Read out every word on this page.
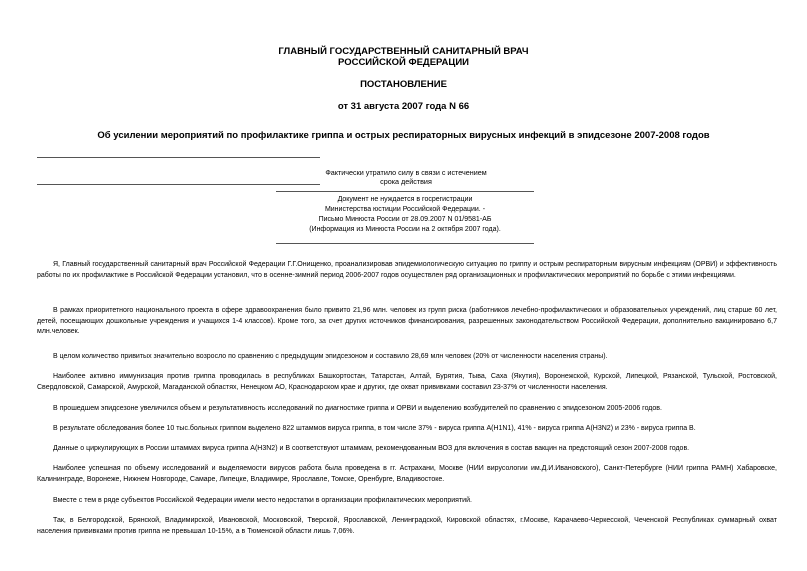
ГЛАВНЫЙ ГОСУДАРСТВЕННЫЙ САНИТАРНЫЙ ВРАЧ
РОССИЙСКОЙ ФЕДЕРАЦИИ
ПОСТАНОВЛЕНИЕ
от 31 августа 2007 года N 66
Об усилении мероприятий по профилактике гриппа и острых респираторных вирусных инфекций в эпидсезоне 2007-2008 годов
Фактически утратило силу в связи с истечением срока действия
Документ не нуждается в госрегистрации
Министерства юстиции Российской Федерации. -
Письмо Минюста России от 28.09.2007 N 01/9581-АБ
(Информация из Минюста России на 2 октября 2007 года).

Я, Главный государственный санитарный врач Российской Федерации Г.Г.Онищенко, проанализировав эпидемиологическую ситуацию по гриппу и острым респираторным вирусным инфекциям (ОРВИ) и эффективность работы по их профилактике в Российской Федерации установил, что в осенне-зимний период 2006-2007 годов осуществлен ряд организационных и профилактических мероприятий по борьбе с этими инфекциями.

В рамках приоритетного национального проекта в сфере здравоохранения было привито 21,96 млн. человек из групп риска (работников лечебно-профилактических и образовательных учреждений, лиц старше 60 лет, детей, посещающих дошкольные учреждения и учащихся 1-4 классов). Кроме того, за счет других источников финансирования, разрешенных законодательством Российской Федерации, дополнительно вакцинировано 6,7 млн.человек.

В целом количество привитых значительно возросло по сравнению с предыдущим эпидсезоном и составило 28,69 млн человек (20% от численности населения страны).

Наиболее активно иммунизация против гриппа проводилась в республиках Башкортостан, Татарстан, Алтай, Бурятия, Тыва, Саха (Якутия), Воронежской, Курской, Липецкой, Рязанской, Тульской, Ростовской, Свердловской, Самарской, Амурской, Магаданской областях, Ненецком АО, Краснодарском крае и других, где охват прививками составил 23-37% от численности населения.

В прошедшем эпидсезоне увеличился объем и результативность исследований по диагностике гриппа и ОРВИ и выделению возбудителей по сравнению с эпидсезоном 2005-2006 годов.

В результате обследования более 10 тыс.больных гриппом выделено 822 штаммов вируса гриппа, в том числе 37% - вируса гриппа А(Н1N1), 41% - вируса гриппа А(Н3N2) и 23% - вируса гриппа В.

Данные о циркулирующих в России штаммах вируса гриппа А(Н3N2) и В соответствуют штаммам, рекомендованным ВОЗ для включения в состав вакцин на предстоящий сезон 2007-2008 годов.

Наиболее успешная по объему исследований и выделяемости вирусов работа была проведена в гг. Астрахани, Москве (НИИ вирусологии им.Д.И.Ивановского), Санкт-Петербурге (НИИ гриппа РАМН) Хабаровске, Калининграде, Воронеже, Нижнем Новгороде, Самаре, Липецке, Владимире, Ярославле, Томске, Оренбурге, Владивостоке.

Вместе с тем в ряде субъектов Российской Федерации имели место недостатки в организации профилактических мероприятий.

Так, в Белгородской, Брянской, Владимирской, Ивановской, Московской, Тверской, Ярославской, Ленинградской, Кировской областях, г.Москве, Карачаево-Черкесской, Чеченской Республиках суммарный охват населения прививками против гриппа не превышал 10-15%, а в Тюменской области лишь 7,06%.
